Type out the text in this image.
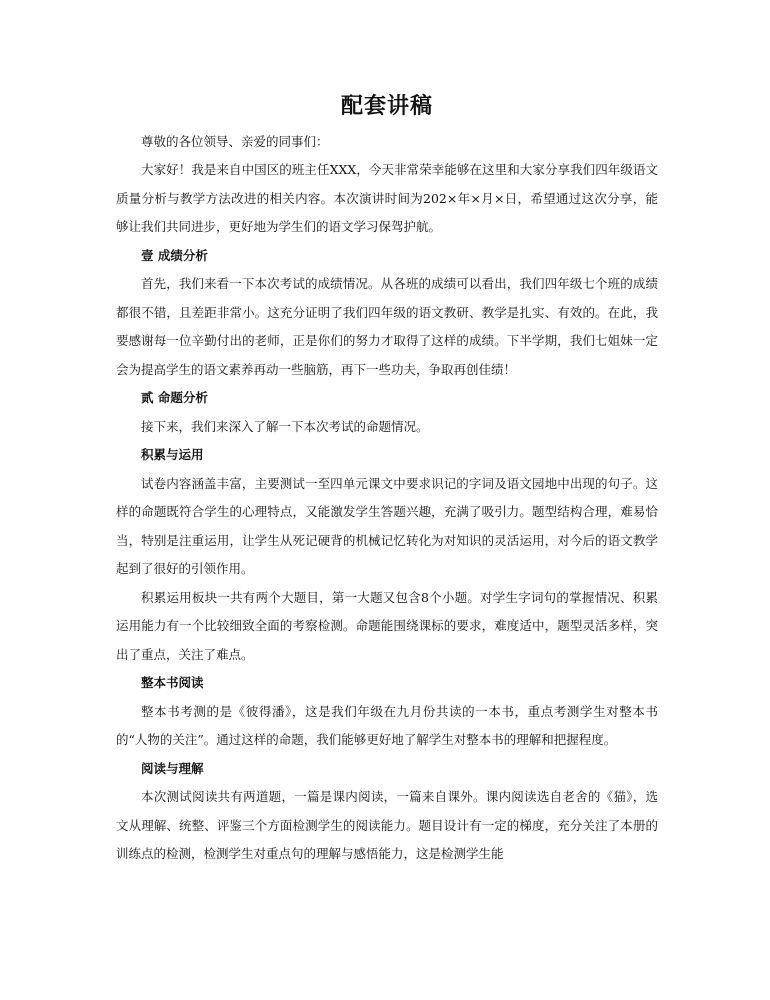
配套讲稿

尊敬的各位领导、亲爱的同事们：

大家好！我是来自中国区的班主任XXX，今天非常荣幸能够在这里和大家分享我们四年级语文质量分析与教学方法改进的相关内容。本次演讲时间为202×年×月×日，希望通过这次分享，能够让我们共同进步，更好地为学生们的语文学习保驾护航。

壹 成绩分析

首先，我们来看一下本次考试的成绩情况。从各班的成绩可以看出，我们四年级七个班的成绩都很不错，且差距非常小。这充分证明了我们四年级的语文教研、教学是扎实、有效的。在此，我要感谢每一位辛勤付出的老师，正是你们的努力才取得了这样的成绩。下半学期，我们七姐妹一定会为提高学生的语文素养再动一些脑筋，再下一些功夫，争取再创佳绩！

贰 命题分析

接下来，我们来深入了解一下本次考试的命题情况。

积累与运用

试卷内容涵盖丰富，主要测试一至四单元课文中要求识记的字词及语文园地中出现的句子。这样的命题既符合学生的心理特点，又能激发学生答题兴趣，充满了吸引力。题型结构合理，难易恰当，特别是注重运用，让学生从死记硬背的机械记忆转化为对知识的灵活运用，对今后的语文教学起到了很好的引领作用。

积累运用板块一共有两个大题目，第一大题又包含8个小题。对学生字词句的掌握情况、积累运用能力有一个比较细致全面的考察检测。命题能围绕课标的要求，难度适中，题型灵活多样，突出了重点，关注了难点。

整本书阅读

整本书考测的是《彼得潘》，这是我们年级在九月份共读的一本书，重点考测学生对整本书的“人物的关注”。通过这样的命题，我们能够更好地了解学生对整本书的理解和把握程度。

阅读与理解

本次测试阅读共有两道题，一篇是课内阅读，一篇来自课外。课内阅读选自老舍的《猫》，选文从理解、统整、评鉴三个方面检测学生的阅读能力。题目设计有一定的梯度，充分关注了本册的训练点的检测，检测学生对重点句的理解与感悟能力，这是检测学生能
